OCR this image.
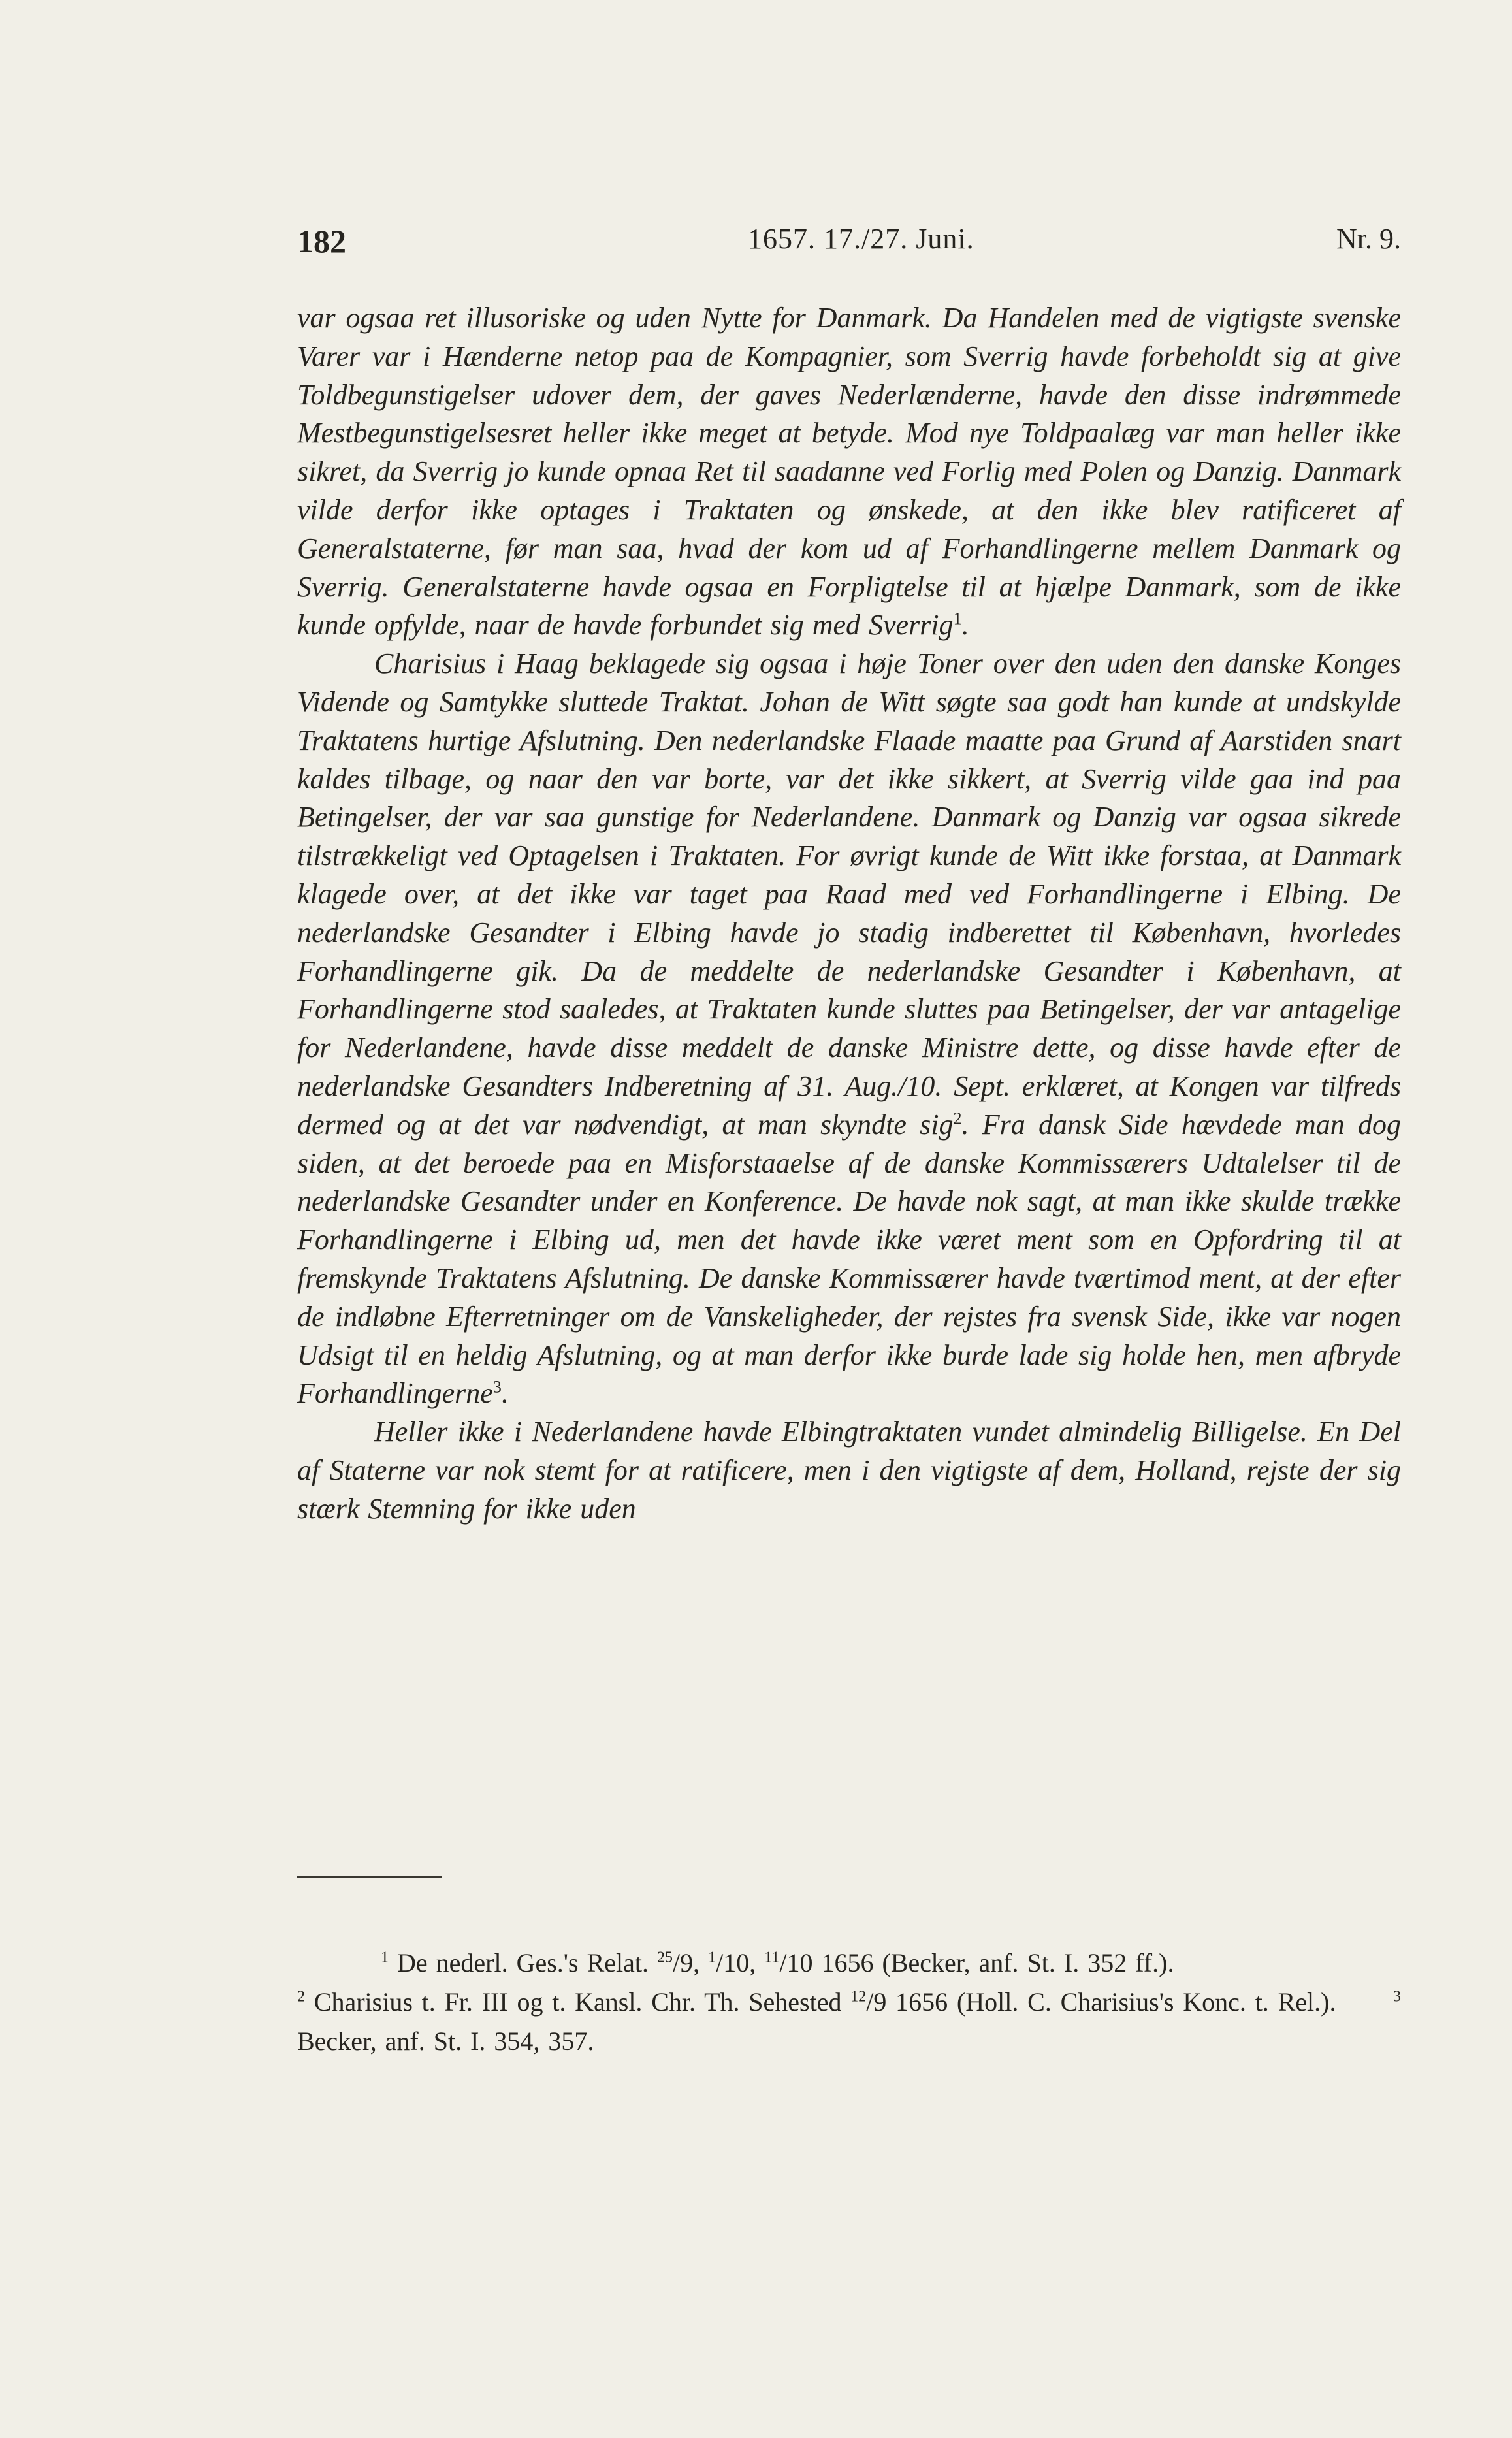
182	1657. 17./27. Juni.	Nr. 9.

var ogsaa ret illusoriske og uden Nytte for Danmark. Da Handelen med de vigtigste svenske Varer var i Hænderne netop paa de Kompagnier, som Sverrig havde forbeholdt sig at give Toldbegunstigelser udover dem, der gaves Nederlænderne, havde den disse indrømmede Mestbegunstigelsesret heller ikke meget at betyde. Mod nye Toldpaalæg var man heller ikke sikret, da Sverrig jo kunde opnaa Ret til saadanne ved Forlig med Polen og Danzig. Danmark vilde derfor ikke optages i Traktaten og ønskede, at den ikke blev ratificeret af Generalstaterne, før man saa, hvad der kom ud af Forhandlingerne mellem Danmark og Sverrig. Generalstaterne havde ogsaa en Forpligtelse til at hjælpe Danmark, som de ikke kunde opfylde, naar de havde forbundet sig med Sverrig$^1$.

Charisius i Haag beklagede sig ogsaa i høje Toner over den uden den danske Konges Vidende og Samtykke sluttede Traktat. Johan de Witt søgte saa godt han kunde at undskylde Traktatens hurtige Afslutning. Den nederlandske Flaade maatte paa Grund af Aarstiden snart kaldes tilbage, og naar den var borte, var det ikke sikkert, at Sverrig vilde gaa ind paa Betingelser, der var saa gunstige for Nederlandene. Danmark og Danzig var ogsaa sikrede tilstrækkeligt ved Optagelsen i Traktaten. For øvrigt kunde de Witt ikke forstaa, at Danmark klagede over, at det ikke var taget paa Raad med ved Forhandlingerne i Elbing. De nederlandske Gesandter i Elbing havde jo stadig indberettet til København, hvorledes Forhandlingerne gik. Da de meddelte de nederlandske Gesandter i København, at Forhandlingerne stod saaledes, at Traktaten kunde sluttes paa Betingelser, der var antagelige for Nederlandene, havde disse meddelt de danske Ministre dette, og disse havde efter de nederlandske Gesandters Indberetning af 31. Aug./10. Sept. erklæret, at Kongen var tilfreds dermed og at det var nødvendigt, at man skyndte sig$^2$. Fra dansk Side hævdede man dog siden, at det beroede paa en Misforstaaelse af de danske Kommissærers Udtalelser til de nederlandske Gesandter under en Konference. De havde nok sagt, at man ikke skulde trække Forhandlingerne i Elbing ud, men det havde ikke været ment som en Opfordring til at fremskynde Traktatens Afslutning. De danske Kommissærer havde tværtimod ment, at der efter de indløbne Efterretninger om de Vanskeligheder, der rejstes fra svensk Side, ikke var nogen Udsigt til en heldig Afslutning, og at man derfor ikke burde lade sig holde hen, men afbryde Forhandlingerne$^3$.

Heller ikke i Nederlandene havde Elbingtraktaten vundet almindelig Billigelse. En Del af Staterne var nok stemt for at ratificere, men i den vigtigste af dem, Holland, rejste der sig stærk Stemning for ikke uden

$^1$ De nederl. Ges.'s Relat. $^{25}$/9, $^1$/10, $^{11}$/10 1656 (Becker, anf. St. I. 352 ff.).
$^2$ Charisius t. Fr. III og t. Kansl. Chr. Th. Sehested $^{12}$/9 1656 (Holl. C. Charisius's Konc. t. Rel.).	$^3$ Becker, anf. St. I. 354, 357.
